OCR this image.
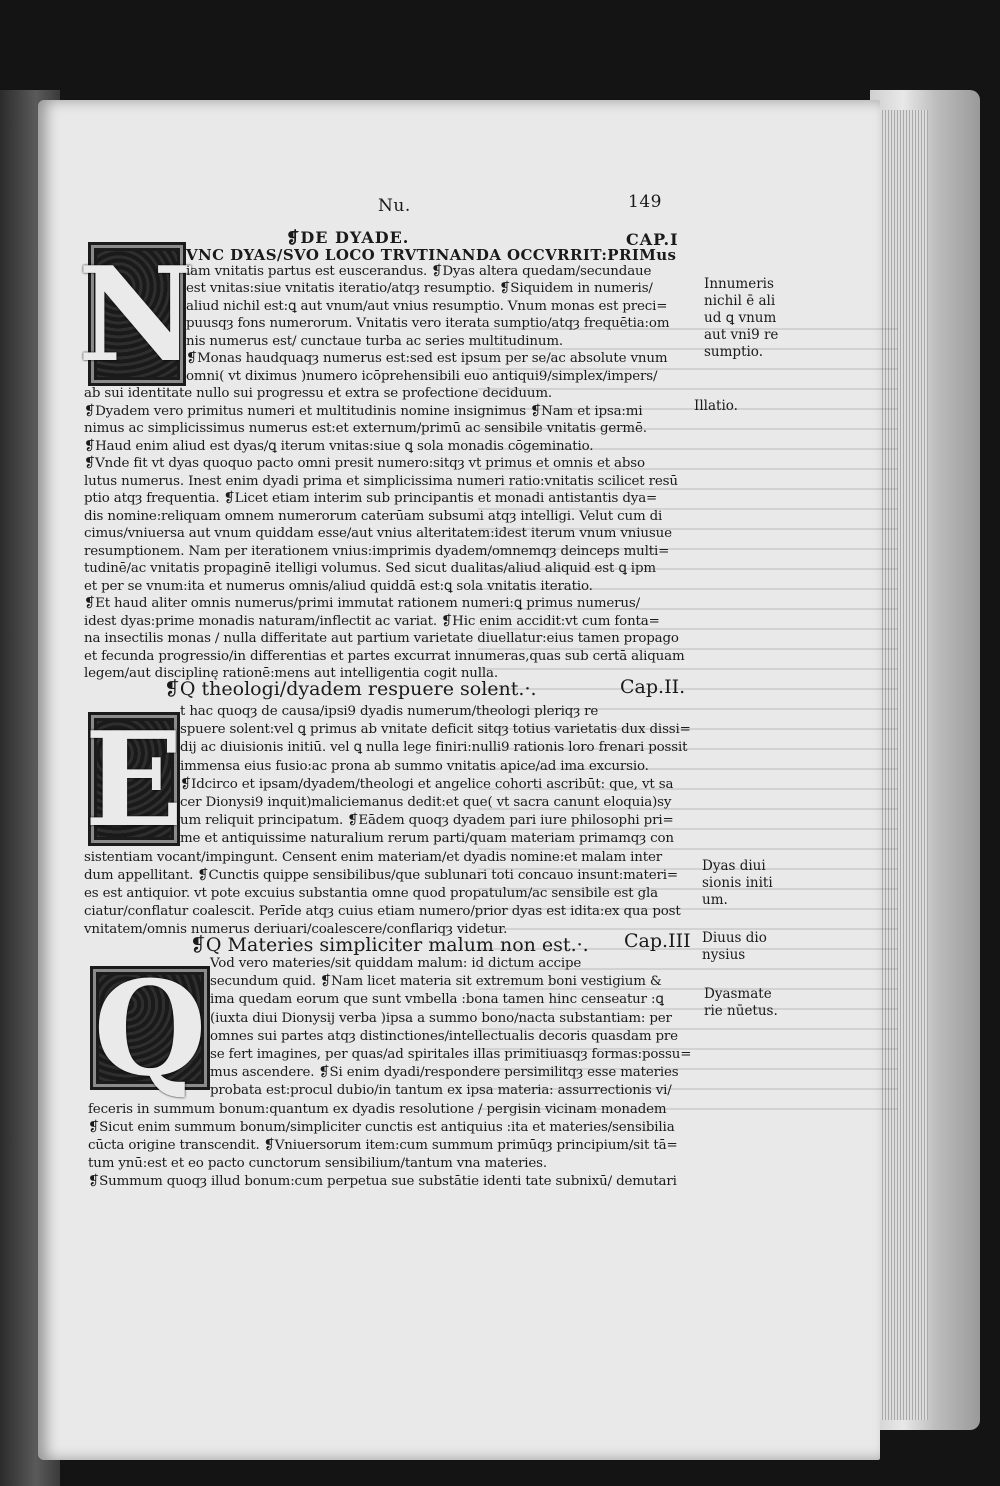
Nu.	149
❡DE DYADE.	CAP.I
N
VNC DYAS/SVO LOCO TRVTINANDA OCCVRRIT:PRIMus
iam vnitatis partus est euscerandus. ❡Dyas altera quedam/secundaue
est vnitas:siue vnitatis iteratio/atqȝ resumptio. ❡Siquidem in numeris/
aliud nichil est:ꝗ aut vnum/aut vnius resumptio. Vnum monas est preci=
puusqȝ fons numerorum. Vnitatis vero iterata sumptio/atqȝ frequētia:om
nis numerus est/ cunctaue turba ac series multitudinum.
❡Monas haudquaqȝ numerus est:sed est ipsum per se/ac absolute vnum
omni( vt diximus )numero icōprehensibili euo antiqui9/simplex/impers/
ab sui identitate nullo sui progressu et extra se profectione deciduum.
❡Dyadem vero primitus numeri et multitudinis nomine insignimus ❡Nam et ipsa:mi
nimus ac simplicissimus numerus est:et externum/primū ac sensibile vnitatis germē.
❡Haud enim aliud est dyas/ꝗ iterum vnitas:siue ꝗ sola monadis cōgeminatio.
❡Vnde fit vt dyas quoquo pacto omni presit numero:sitqȝ vt primus et omnis et abso
lutus numerus. Inest enim dyadi prima et simplicissima numeri ratio:vnitatis scilicet resū
ptio atqȝ frequentia. ❡Licet etiam interim sub principantis et monadi antistantis dya=
dis nomine:reliquam omnem numerorum caterūam subsumi atqȝ intelligi. Velut cum di
cimus/vniuersa aut vnum quiddam esse/aut vnius alteritatem:idest iterum vnum vniusue
resumptionem. Nam per iterationem vnius:imprimis dyadem/omnemqȝ deinceps multi=
tudinē/ac vnitatis propaginē itelligi volumus. Sed sicut dualitas/aliud aliquid est ꝗ ipm
et per se vnum:ita et numerus omnis/aliud quiddā est:ꝗ sola vnitatis iteratio.
❡Et haud aliter omnis numerus/primi immutat rationem numeri:ꝗ primus numerus/
idest dyas:prime monadis naturam/inflectit ac variat. ❡Hic enim accidit:vt cum fonta=
na insectilis monas / nulla differitate aut partium varietate diuellatur:eius tamen propago
et fecunda progressio/in differentias et partes excurrat innumeras,quas sub certā aliquam
legem/aut disciplinę rationē:mens aut intelligentia cogit nulla.
Innumeris nichil ē ali ud ꝗ vnum aut vni9 re sumptio.
Illatio.
❡Q theologi/dyadem respuere solent.·.	Cap.II.
E
t hac quoqȝ de causa/ipsi9 dyadis numerum/theologi pleriqȝ re
spuere solent:vel ꝗ primus ab vnitate deficit sitqȝ totius varietatis dux dissi=
dij ac diuisionis initiū. vel ꝗ nulla lege finiri:nulli9 rationis loro frenari possit
immensa eius fusio:ac prona ab summo vnitatis apice/ad ima excursio.
❡Idcirco et ipsam/dyadem/theologi et angelice cohorti ascribūt: que, vt sa
cer Dionysi9 inquit)maliciemanus dedit:et que( vt sacra canunt eloquia)sy
um reliquit principatum. ❡Eādem quoqȝ dyadem pari iure philosophi pri=
me et antiquissime naturalium rerum parti/quam materiam primamqȝ con
sistentiam vocant/impingunt. Censent enim materiam/et dyadis nomine:et malam inter
dum appellitant. ❡Cunctis quippe sensibilibus/que sublunari toti concauo insunt:materi=
es est antiquior. vt pote excuius substantia omne quod propatulum/ac sensibile est gla
ciatur/conflatur coalescit. Perīde atqȝ cuius etiam numero/prior dyas est idita:ex qua post
vnitatem/omnis numerus deriuari/coalescere/conflariqȝ videtur.
Dyas diui sionis initi um.
❡Q Materies simpliciter malum non est.·. Cap.III Diuus dio nysius
Dyasmate rie nūetus.
Q Vod vero materies/sit quiddam malum: id dictum accipe
secundum quid. ❡Nam licet materia sit extremum boni vestigium &
ima quedam eorum que sunt vmbella :bona tamen hinc censeatur :ꝗ
(iuxta diui Dionysij verba )ipsa a summo bono/nacta substantiam: per
omnes sui partes atqȝ distinctiones/intellectualis decoris quasdam pre
se fert imagines, per quas/ad spiritales illas primitiuasqȝ formas:possu=
mus ascendere. ❡Si enim dyadi/respondere persimilitqȝ esse materies
probata est:procul dubio/in tantum ex ipsa materia: assurrectionis vi/
feceris in summum bonum:quantum ex dyadis resolutione / pergisin vicinam monadem
❡Sicut enim summum bonum/simpliciter cunctis est antiquius :ita et materies/sensibilia
cūcta origine transcendit. ❡Vniuersorum item:cum summum primūqȝ principium/sit tā=
tum ynū:est et eo pacto cunctorum sensibilium/tantum vna materies.
❡Summum quoqȝ illud bonum:cum perpetua sue substātie identi tate subnixū/ demutari
